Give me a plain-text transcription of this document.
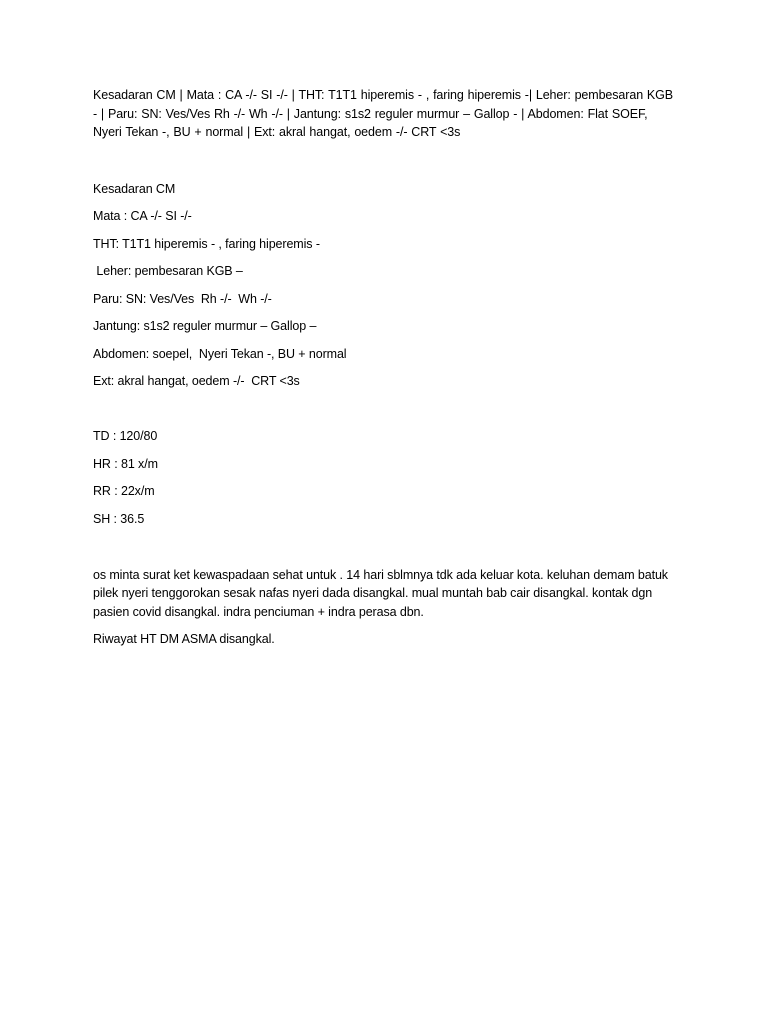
Kesadaran CM | Mata : CA -/- SI -/- | THT: T1T1 hiperemis - , faring hiperemis -| Leher: pembesaran KGB - | Paru: SN: Ves/Ves Rh -/- Wh -/- | Jantung: s1s2 reguler murmur – Gallop - | Abdomen: Flat SOEF, Nyeri Tekan -, BU + normal | Ext: akral hangat, oedem -/- CRT <3s

Kesadaran CM

Mata : CA -/- SI -/-

THT: T1T1 hiperemis - , faring hiperemis -

Leher: pembesaran KGB –

Paru: SN: Ves/Ves  Rh -/-  Wh -/-

Jantung: s1s2 reguler murmur – Gallop –

Abdomen: soepel,  Nyeri Tekan -, BU + normal

Ext: akral hangat, oedem -/-  CRT <3s

TD : 120/80

HR : 81 x/m

RR : 22x/m

SH : 36.5

os minta surat ket kewaspadaan sehat untuk . 14 hari sblmnya tdk ada keluar kota. keluhan demam batuk pilek nyeri tenggorokan sesak nafas nyeri dada disangkal. mual muntah bab cair disangkal. kontak dgn pasien covid disangkal. indra penciuman + indra perasa dbn.

Riwayat HT DM ASMA disangkal.
